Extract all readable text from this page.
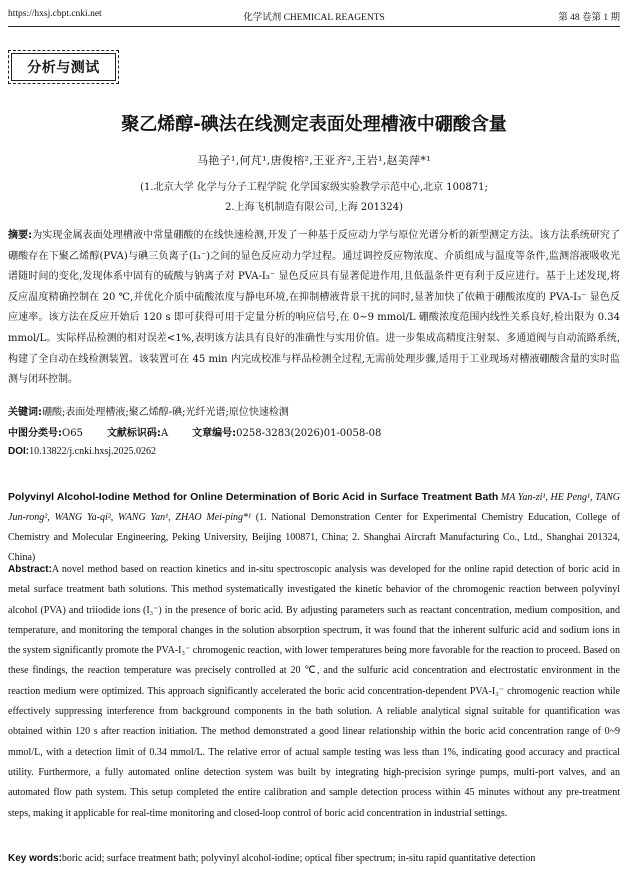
https://hxsj.cbpt.cnki.net	化学试剂 CHEMICAL REAGENTS	第 48 卷第 1 期
分析与测试
聚乙烯醇-碘法在线测定表面处理槽液中硼酸含量
马艳子¹,何芃¹,唐俊榕²,王亚齐²,王岩¹,赵美萍*¹
(1.北京大学 化学与分子工程学院 化学国家级实验教学示范中心,北京 100871;
2.上海飞机制造有限公司,上海 201324)
摘要:为实现金属表面处理槽液中常量硼酸的在线快速检测,开发了一种基于反应动力学与原位光谱分析的新型测定方法。该方法系统研究了硼酸存在下聚乙烯醇(PVA)与碘三负离子(I₃⁻)之间的显色反应动力学过程。通过调控反应物浓度、介质组成与温度等条件,监测溶液吸收光谱随时间的变化,发现体系中固有的硫酸与钠离子对 PVA-I₃⁻ 显色反应具有显著促进作用,且低温条件更有利于反应进行。基于上述发现,将反应温度精确控制在 20 ℃,并优化介质中硫酸浓度与静电环境,在抑制槽液背景干扰的同时,显著加快了依赖于硼酸浓度的 PVA-I₃⁻ 显色反应速率。该方法在反应开始后 120 s 即可获得可用于定量分析的响应信号,在 0~9 mmol/L 硼酸浓度范围内线性关系良好,检出限为 0.34 mmol/L。实际样品检测的相对误差<1%,表明该方法具有良好的准确性与实用价值。进一步集成高精度注射泵、多通道阀与自动流路系统,构建了全自动在线检测装置。该装置可在 45 min 内完成校准与样品检测全过程,无需前处理步骤,适用于工业现场对槽液硼酸含量的实时监测与闭环控制。
关键词:硼酸;表面处理槽液;聚乙烯醇-碘;光纤光谱;原位快速检测
中图分类号:O65 文献标识码:A 文章编号:0258-3283(2026)01-0058-08
DOI:10.13822/j.cnki.hxsj.2025.0262
Polyvinyl Alcohol-Iodine Method for Online Determination of Boric Acid in Surface Treatment Bath MA Yan-zi¹, HE Peng¹, TANG Jun-rong², WANG Ya-qi², WANG Yan¹, ZHAO Mei-ping*¹ (1. National Demonstration Center for Experimental Chemistry Education, College of Chemistry and Molecular Engineering, Peking University, Beijing 100871, China; 2. Shanghai Aircraft Manufacturing Co., Ltd., Shanghai 201324, China)
Abstract:A novel method based on reaction kinetics and in-situ spectroscopic analysis was developed for the online rapid detection of boric acid in metal surface treatment bath solutions. This method systematically investigated the kinetic behavior of the chromogenic reaction between polyvinyl alcohol (PVA) and triiodide ions (I₃⁻) in the presence of boric acid. By adjusting parameters such as reactant concentration, medium composition, and temperature, and monitoring the temporal changes in the solution absorption spectrum, it was found that the inherent sulfuric acid and sodium ions in the system significantly promote the PVA-I₃⁻ chromogenic reaction, with lower temperatures being more favorable for the reaction to proceed. Based on these findings, the reaction temperature was precisely controlled at 20 ℃, and the sulfuric acid concentration and electrostatic environment in the reaction medium were optimized. This approach significantly accelerated the boric acid concentration-dependent PVA-I₃⁻ chromogenic reaction while effectively suppressing interference from background components in the bath solution. A reliable analytical signal suitable for quantification was obtained within 120 s after reaction initiation. The method demonstrated a good linear relationship within the boric acid concentration range of 0~9 mmol/L, with a detection limit of 0.34 mmol/L. The relative error of actual sample testing was less than 1%, indicating good accuracy and practical utility. Furthermore, a fully automated online detection system was built by integrating high-precision syringe pumps, multi-port valves, and an automated flow path system. This setup completed the entire calibration and sample detection process within 45 minutes without any pre-treatment steps, making it applicable for real-time monitoring and closed-loop control of boric acid concentration in industrial settings.
Key words:boric acid; surface treatment bath; polyvinyl alcohol-iodine; optical fiber spectrum; in-situ rapid quantitative detection
